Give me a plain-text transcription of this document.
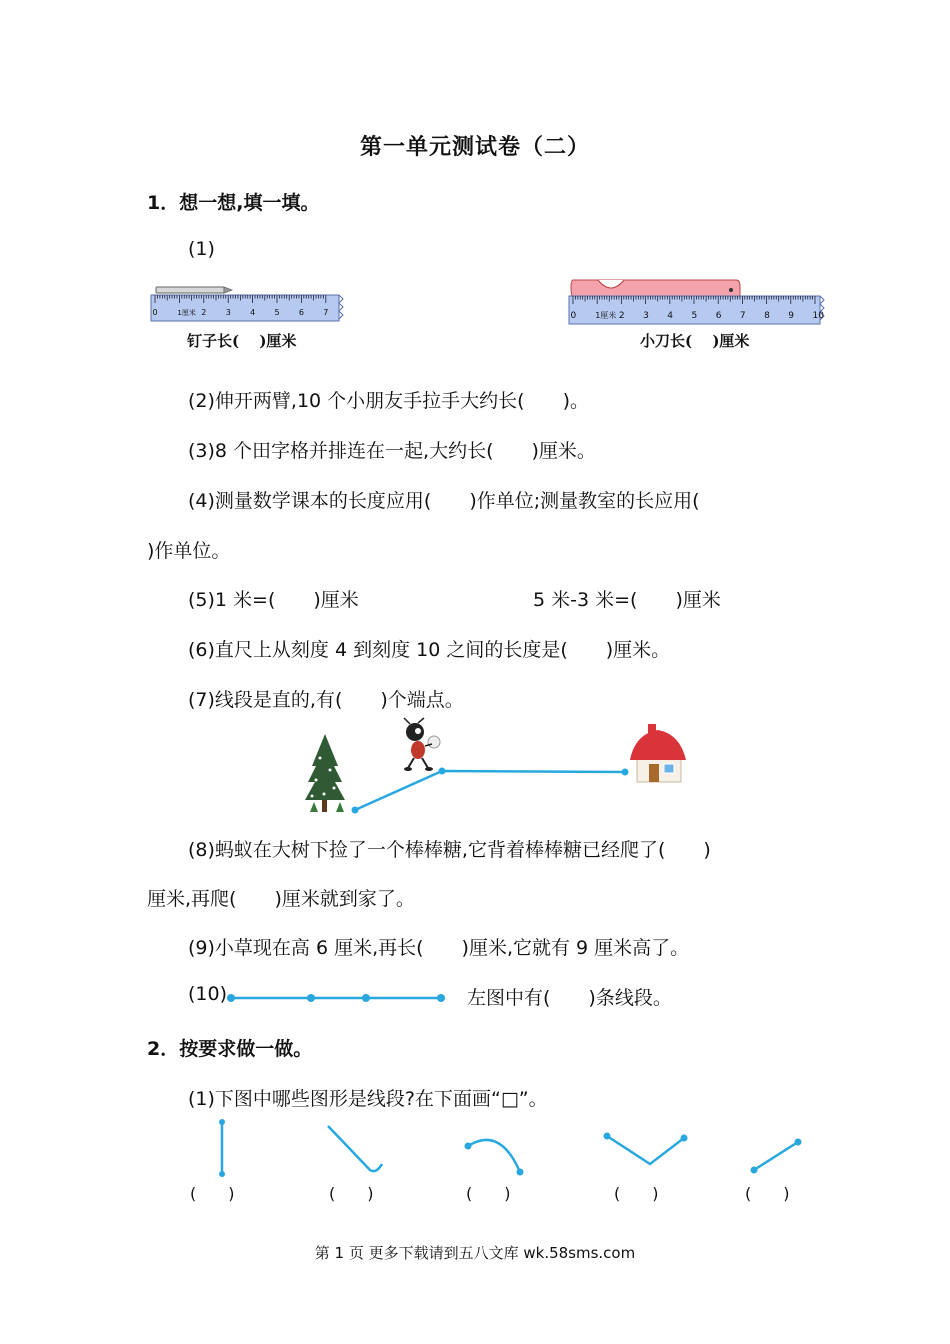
第一单元测试卷（二）
1．想一想,填一填。
(1)
0	2 3 4 5 6 7
1厘米
钉子长(　 )厘米
0	2 3 4 5 6 7 8 9 10
1厘米
小刀长(　 )厘米
(2)伸开两臂,10 个小朋友手拉手大约长(　　)。
(3)8 个田字格并排连在一起,大约长(　　)厘米。
(4)测量数学课本的长度应用(　　)作单位;测量教室的长应用(
)作单位。
(5)1 米=(　　)厘米	5 米-3 米=(　　)厘米
(6)直尺上从刻度 4 到刻度 10 之间的长度是(　　)厘米。
(7)线段是直的,有(　　)个端点。
(8)蚂蚁在大树下捡了一个棒棒糖,它背着棒棒糖已经爬了(　　)
厘米,再爬(　　)厘米就到家了。
(9)小草现在高 6 厘米,再长(　　)厘米,它就有 9 厘米高了。
(10)	左图中有(　　)条线段。
2．按要求做一做。
(1)下图中哪些图形是线段?在下面画“□”。
(　　)	(　　)	(　　)	(　　)	(　　)
第 1 页 更多下载请到五八文库 wk.58sms.com
